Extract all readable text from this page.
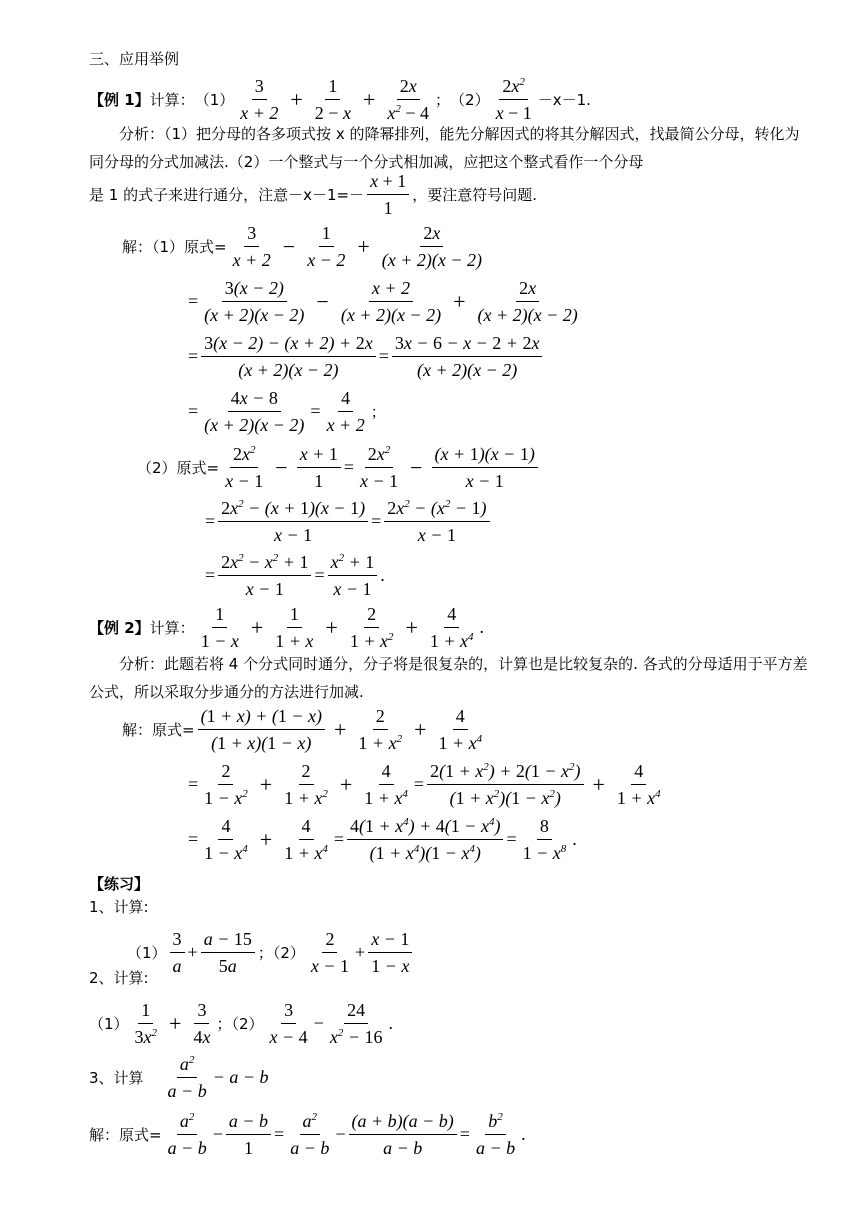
三、应用举例
【例 1】 计算： $(1) \frac{3}{x + 2} + \frac{1}{2 - x} + \frac{2x}{x^2 - 4}$ ； $(2) \frac{2x^2}{x - 1} -x-1$.
分析：（1）把分母的各多项式按 x 的降幂排列，能先分解因式的将其分解因式，找最简公分母，转化为同分母的分式加减法.（2）一个整式与一个分式相加减，应把这个整式看作一个分母
是 1 的式子来进行通分，注意$-x-1=- \frac{x + 1}{1}$ ，要注意符号问题.
解：（1）原式= $\frac{3}{x + 2} - \frac{1}{x - 2} + \frac{2x}{(x + 2)(x - 2)}$
= $\frac{3(x - 2)}{(x + 2)(x - 2)} - \frac{x + 2}{(x + 2)(x - 2)} + \frac{2x}{(x + 2)(x - 2)}$
= $\frac{3(x - 2) - (x + 2) + 2x}{(x + 2)(x - 2)} = \frac{3x - 6 - x - 2 + 2x}{(x + 2)(x - 2)}$
= $\frac{4x - 8}{(x + 2)(x - 2)} = \frac{4}{x + 2}$ ；
（2）原式= $\frac{2x^2}{x - 1} - \frac{x + 1}{1} = \frac{2x^2}{x - 1} - \frac{(x + 1)(x - 1)}{x - 1}$
= $\frac{2x^2 - (x + 1)(x - 1)}{x - 1} = \frac{2x^2 - (x^2 - 1)}{x - 1}$
= $\frac{2x^2 - x^2 + 1}{x - 1} = \frac{x^2 + 1}{x - 1}$ .
【例 2】 计算： $\frac{1}{1 - x} + \frac{1}{1 + x} + \frac{2}{1 + x^2} + \frac{4}{1 + x^4}$ .
分析：此题若将 4 个分式同时通分，分子将是很复杂的，计算也是比较复杂的. 各式的分母适用于平方差公式，所以采取分步通分的方法进行加减.
解：原式= $\frac{(1 + x) + (1 - x)}{(1 + x)(1 - x)} + \frac{2}{1 + x^2} + \frac{4}{1 + x^4}$
= $\frac{2}{1 - x^2} + \frac{2}{1 + x^2} + \frac{4}{1 + x^4} = \frac{2(1 + x^2) + 2(1 - x^2)}{(1 + x^2)(1 - x^2)} + \frac{4}{1 + x^4}$
= $\frac{4}{1 - x^4} + \frac{4}{1 + x^4} = \frac{4(1 + x^4) + 4(1 - x^4)}{(1 + x^4)(1 - x^4)} = \frac{8}{1 - x^8}$ .
【练习】
1、计算:
$(1) \frac{3}{a} + \frac{a - 15}{5a}$ ；$(2) \frac{2}{x - 1} + \frac{x - 1}{1 - x}$
2、计算:
$(1) \frac{1}{3x^2} + \frac{3}{4x}$ ；$(2) \frac{3}{x - 4} - \frac{24}{x^2 - 16}$ .
3、计算 $\frac{a^2}{a - b} - a - b$
解：原式= $\frac{a^2}{a - b} - \frac{a - b}{1} = \frac{a^2}{a - b} - \frac{(a + b)(a - b)}{a - b} = \frac{b^2}{a - b}$ .
